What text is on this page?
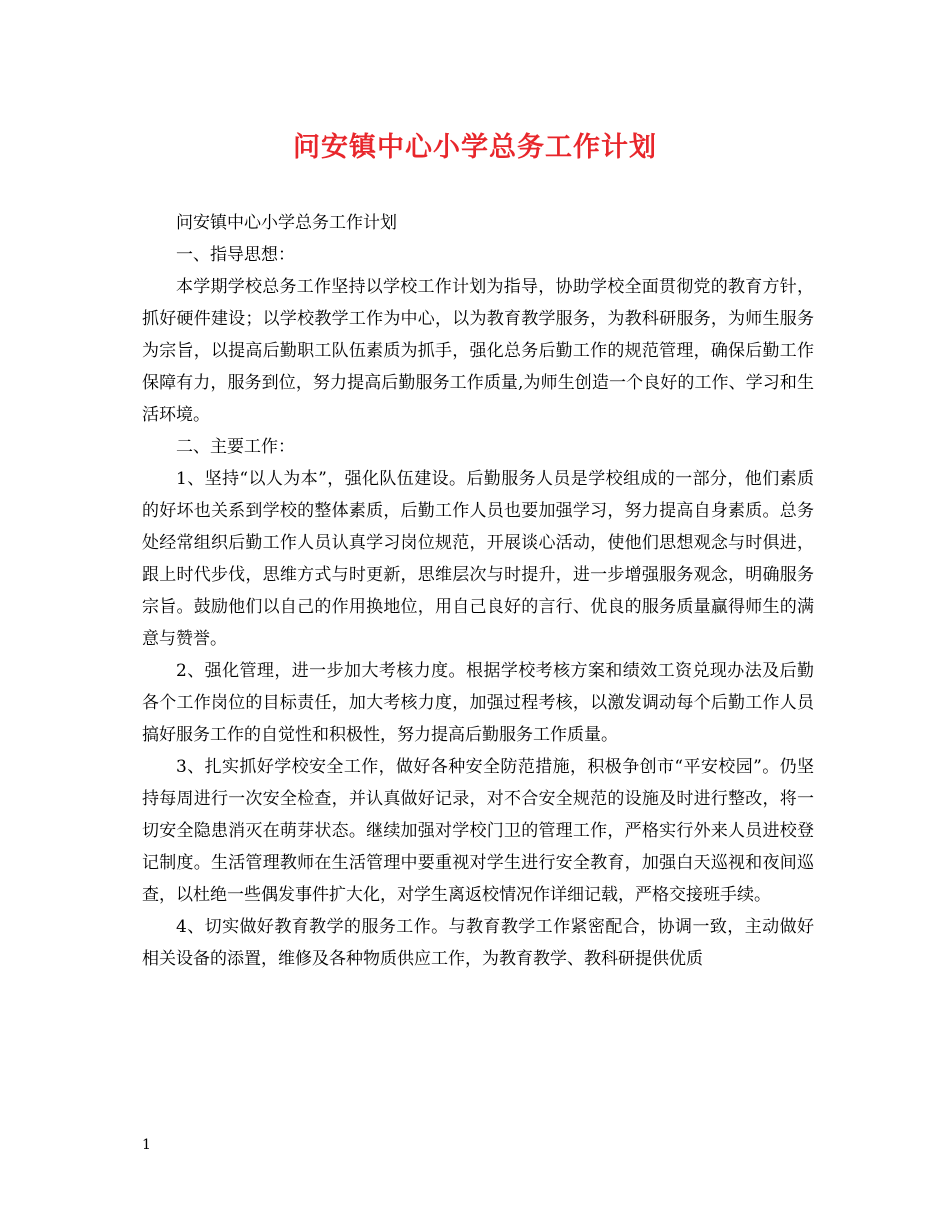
问安镇中心小学总务工作计划

问安镇中心小学总务工作计划

一、指导思想：

本学期学校总务工作坚持以学校工作计划为指导，协助学校全面贯彻党的教育方针，抓好硬件建设；以学校教学工作为中心，以为教育教学服务，为教科研服务，为师生服务为宗旨，以提高后勤职工队伍素质为抓手，强化总务后勤工作的规范管理，确保后勤工作保障有力，服务到位，努力提高后勤服务工作质量,为师生创造一个良好的工作、学习和生活环境。

二、主要工作：

1、坚持“以人为本”，强化队伍建设。后勤服务人员是学校组成的一部分，他们素质的好坏也关系到学校的整体素质，后勤工作人员也要加强学习，努力提高自身素质。总务处经常组织后勤工作人员认真学习岗位规范，开展谈心活动，使他们思想观念与时俱进，跟上时代步伐，思维方式与时更新，思维层次与时提升，进一步增强服务观念，明确服务宗旨。鼓励他们以自己的作用换地位，用自己良好的言行、优良的服务质量赢得师生的满意与赞誉。

2、强化管理，进一步加大考核力度。根据学校考核方案和绩效工资兑现办法及后勤各个工作岗位的目标责任，加大考核力度，加强过程考核，以激发调动每个后勤工作人员搞好服务工作的自觉性和积极性，努力提高后勤服务工作质量。

3、扎实抓好学校安全工作，做好各种安全防范措施，积极争创市“平安校园”。仍坚持每周进行一次安全检查，并认真做好记录，对不合安全规范的设施及时进行整改，将一切安全隐患消灭在萌芽状态。继续加强对学校门卫的管理工作，严格实行外来人员进校登记制度。生活管理教师在生活管理中要重视对学生进行安全教育，加强白天巡视和夜间巡查，以杜绝一些偶发事件扩大化，对学生离返校情况作详细记载，严格交接班手续。

4、切实做好教育教学的服务工作。与教育教学工作紧密配合，协调一致，主动做好相关设备的添置，维修及各种物质供应工作，为教育教学、教科研提供优质

1
